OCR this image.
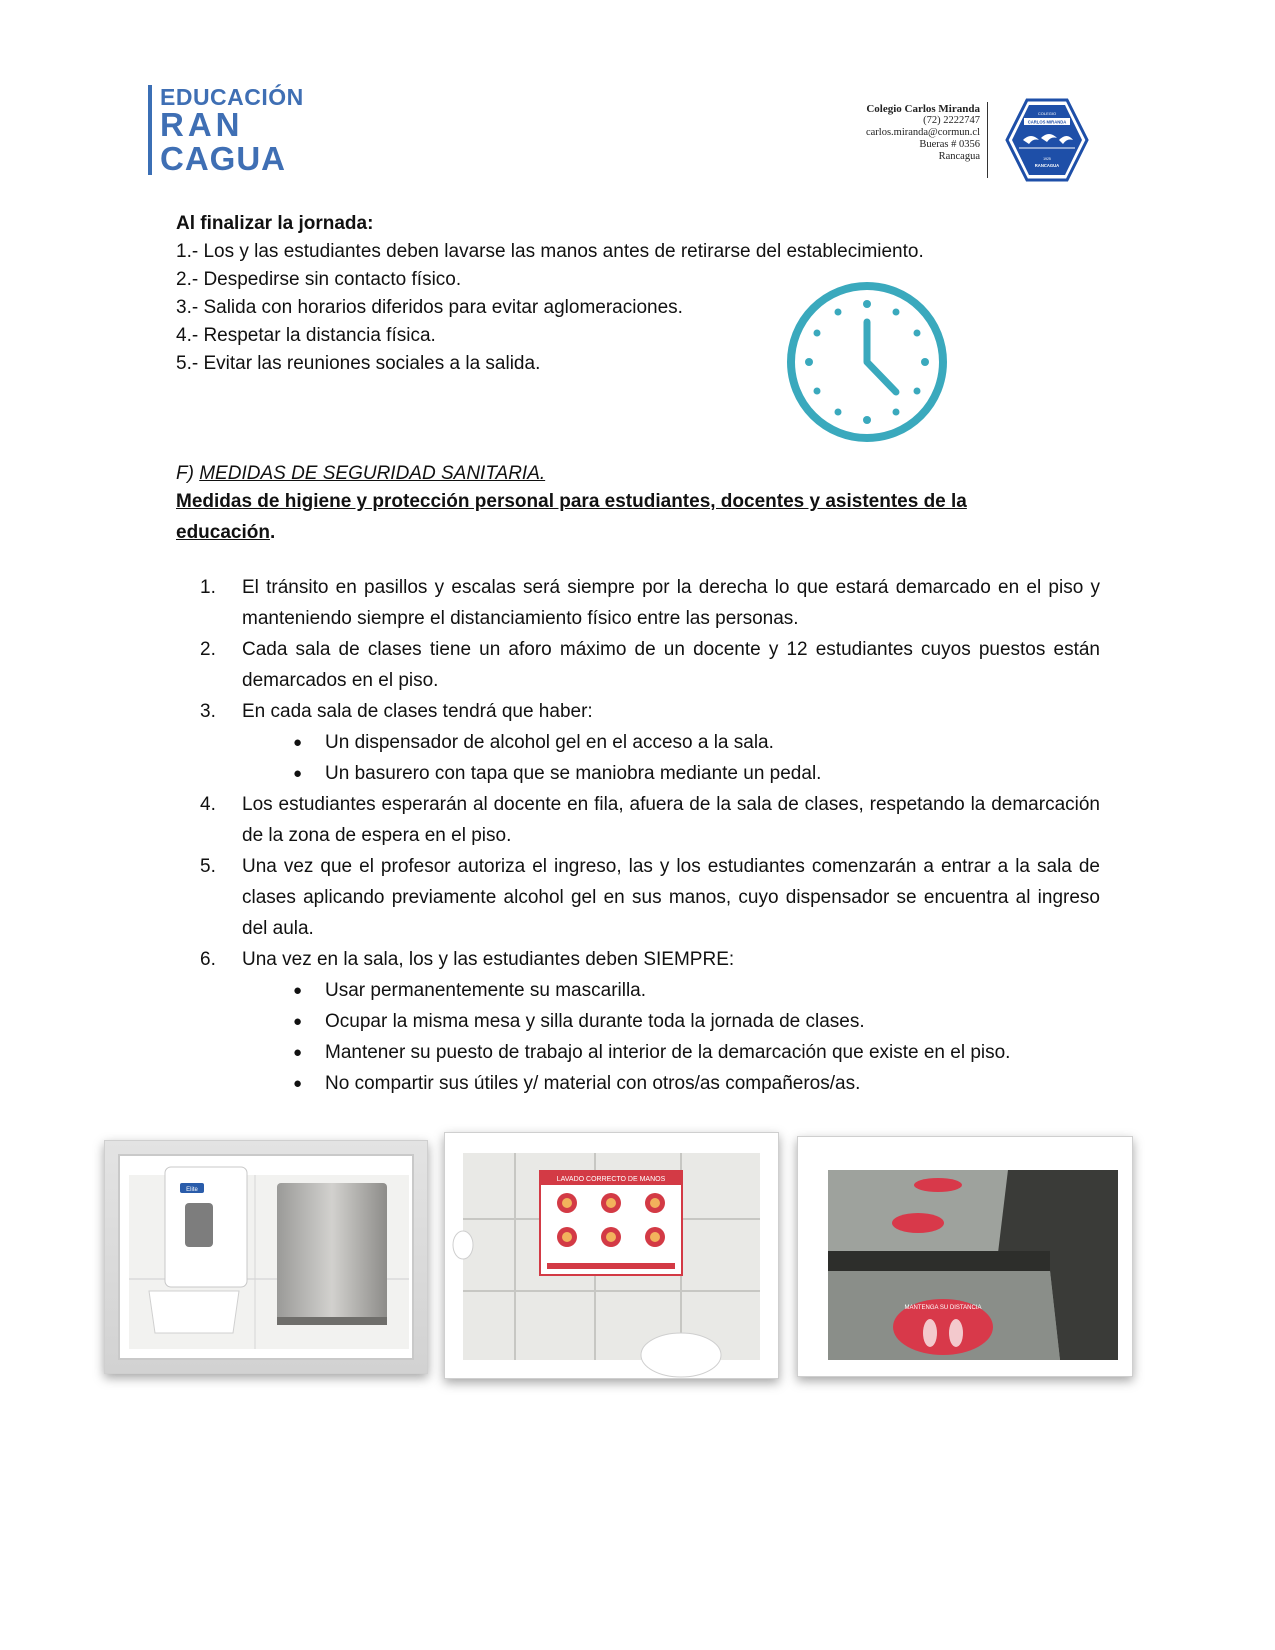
EDUCACIÓN
RAN
CAGUA
Colegio Carlos Miranda
(72) 2222747
carlos.miranda@cormun.cl
Bueras # 0356
Rancagua
COLEGIO
CARLOS MIRANDA
1925
RANCAGUA
Al finalizar la jornada:
1.- Los y las estudiantes deben lavarse las manos antes de retirarse del establecimiento.
2.- Despedirse sin contacto físico.
3.- Salida con horarios diferidos para evitar aglomeraciones.
4.- Respetar la distancia física.
5.- Evitar las reuniones sociales a la salida.
F) MEDIDAS DE SEGURIDAD SANITARIA.
Medidas de higiene y protección personal para estudiantes, docentes y asistentes de la educación.
1. El tránsito en pasillos y escalas será siempre por la derecha lo que estará demarcado en el piso y manteniendo siempre el distanciamiento físico entre las personas.
2. Cada sala de clases tiene un aforo máximo de un docente y 12 estudiantes cuyos puestos están demarcados en el piso.
3. En cada sala de clases tendrá que haber:
● Un dispensador de alcohol gel en el acceso a la sala.
● Un basurero con tapa que se maniobra mediante un pedal.
4. Los estudiantes esperarán al docente en fila, afuera de la sala de clases, respetando la demarcación de la zona de espera en el piso.
5. Una vez que el profesor autoriza el ingreso, las y los estudiantes comenzarán a entrar a la sala de clases aplicando previamente alcohol gel en sus manos, cuyo dispensador se encuentra al ingreso del aula.
6. Una vez en la sala, los y las estudiantes deben SIEMPRE:
● Usar permanentemente su mascarilla.
● Ocupar la misma mesa y silla durante toda la jornada de clases.
● Mantener su puesto de trabajo al interior de la demarcación que existe en el piso.
● No compartir sus útiles y/ material con otros/as compañeros/as.
Elite
LAVADO CORRECTO DE MANOS
MANTENGA SU DISTANCIA
